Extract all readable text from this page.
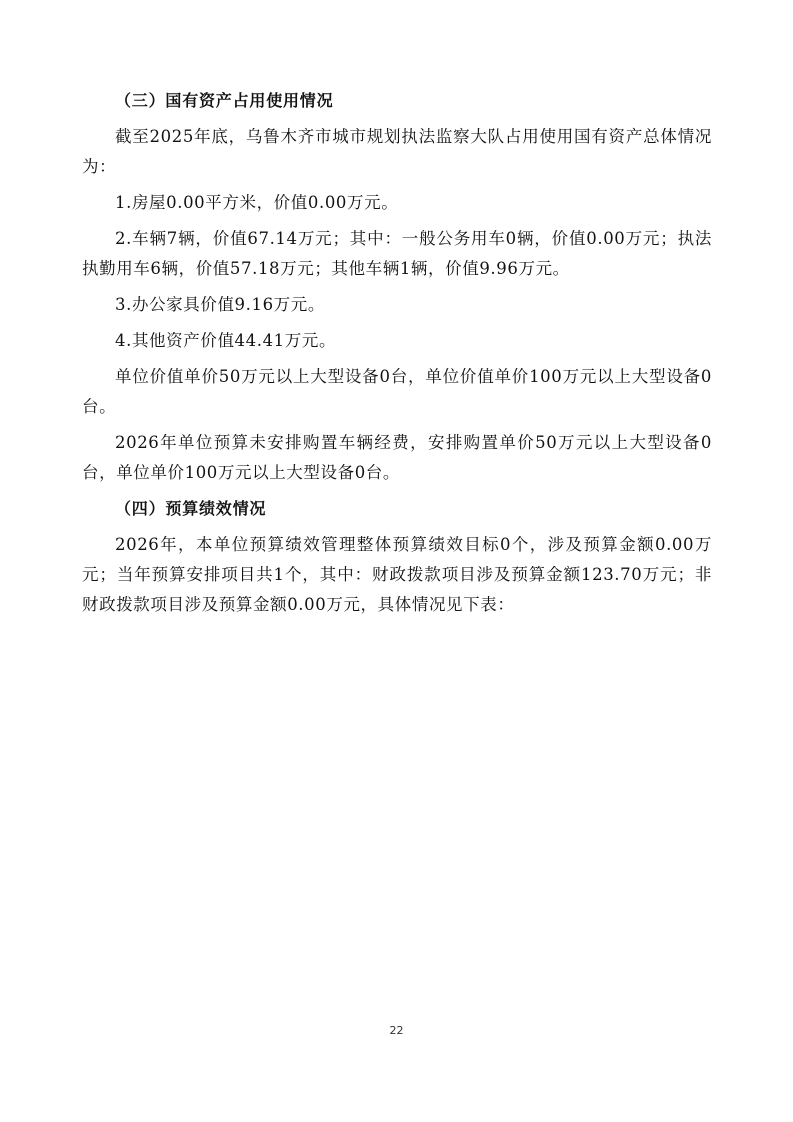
（三）国有资产占用使用情况

截至2025年底，乌鲁木齐市城市规划执法监察大队占用使用国有资产总体情况为：

1.房屋0.00平方米，价值0.00万元。

2.车辆7辆，价值67.14万元；其中：一般公务用车0辆，价值0.00万元；执法执勤用车6辆，价值57.18万元；其他车辆1辆，价值9.96万元。

3.办公家具价值9.16万元。

4.其他资产价值44.41万元。

单位价值单价50万元以上大型设备0台，单位价值单价100万元以上大型设备0台。

2026年单位预算未安排购置车辆经费，安排购置单价50万元以上大型设备0台，单位单价100万元以上大型设备0台。

（四）预算绩效情况

2026年，本单位预算绩效管理整体预算绩效目标0个，涉及预算金额0.00万元；当年预算安排项目共1个，其中：财政拨款项目涉及预算金额123.70万元；非财政拨款项目涉及预算金额0.00万元，具体情况见下表：

22
